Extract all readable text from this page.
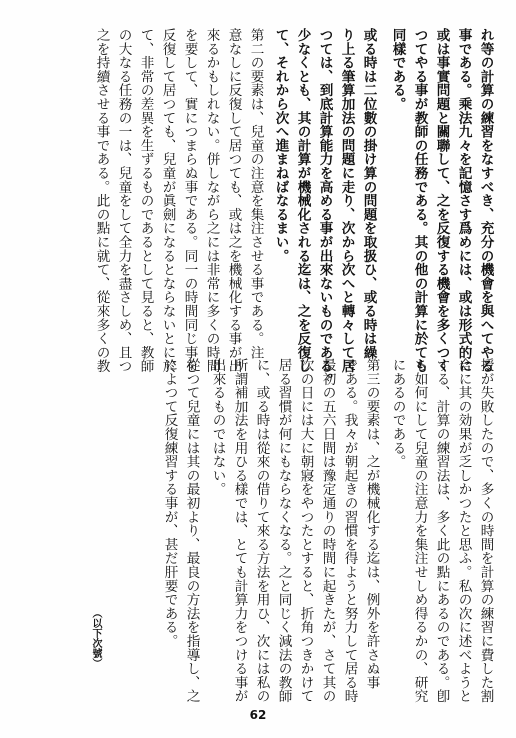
れ等の計算の練習をなすべき、充分の機會を與へてやる
事である。乘法九々を記憶さす爲めには、或は形式的に
或は事實問題と關聯して、之を反復する機會を多くつく
つてやる事が教師の任務である。其の他の計算に於ても
同樣である。
或る時は二位數の掛け算の問題を取扱ひ、或る時は繰
り上る筆算加法の問題に走り、次から次へと轉々して居
つては、到底計算能力を高める事が出來ないものである。
少なくとも、其の計算が機械化される迄は、之を反復し
て、それから次へ進まねばなるまい。
第二の要素は、兒童の注意を集注させる事である。注
意なしに反復して居つても、或は之を機械化する事が出
來るかもしれない。併しながら之には非常に多くの時間
を要して、實につまらぬ事である。同一の時間同じ事を
反復して居つても、兒童が眞劍になるとならないとに於
て、非常の差異を生ずるものであるとして見ると、教師
の大なる任務の一は、兒童をして全力を盡さしめ、且つ
之を持續させる事である。此の點に就て、從來多くの教
授が失敗したので、多くの時間を計算の練習に費した割
合に其の効果が乏しかつたと思ふ。私の次に述べようと
する、計算の練習法は、多く此の點にあるのである。卽
ち如何にして兒童の注意力を集注せしめ得るかの、研究
にあるのである。
第三の要素は、之が機械化する迄は、例外を許さぬ事
である。我々が朝起きの習慣を得ようと努力して居る時
最初の五六日間は豫定通りの時間に起きたが、さて其の
次の日には大に朝寢をやつたとすると、折角つきかけて
居る習慣が何にもならなくなる。之と同じく減法の教師
に、或る時は從來の借りて來る方法を用ひ、次には私の
所謂補加法を用ひる樣では、とても計算力をつける事が
出來るものではない。
從つて兒童には其の最初より、最良の方法を指導し、之
によつて反復練習する事が、甚だ肝要である。
（以下次號）
62
